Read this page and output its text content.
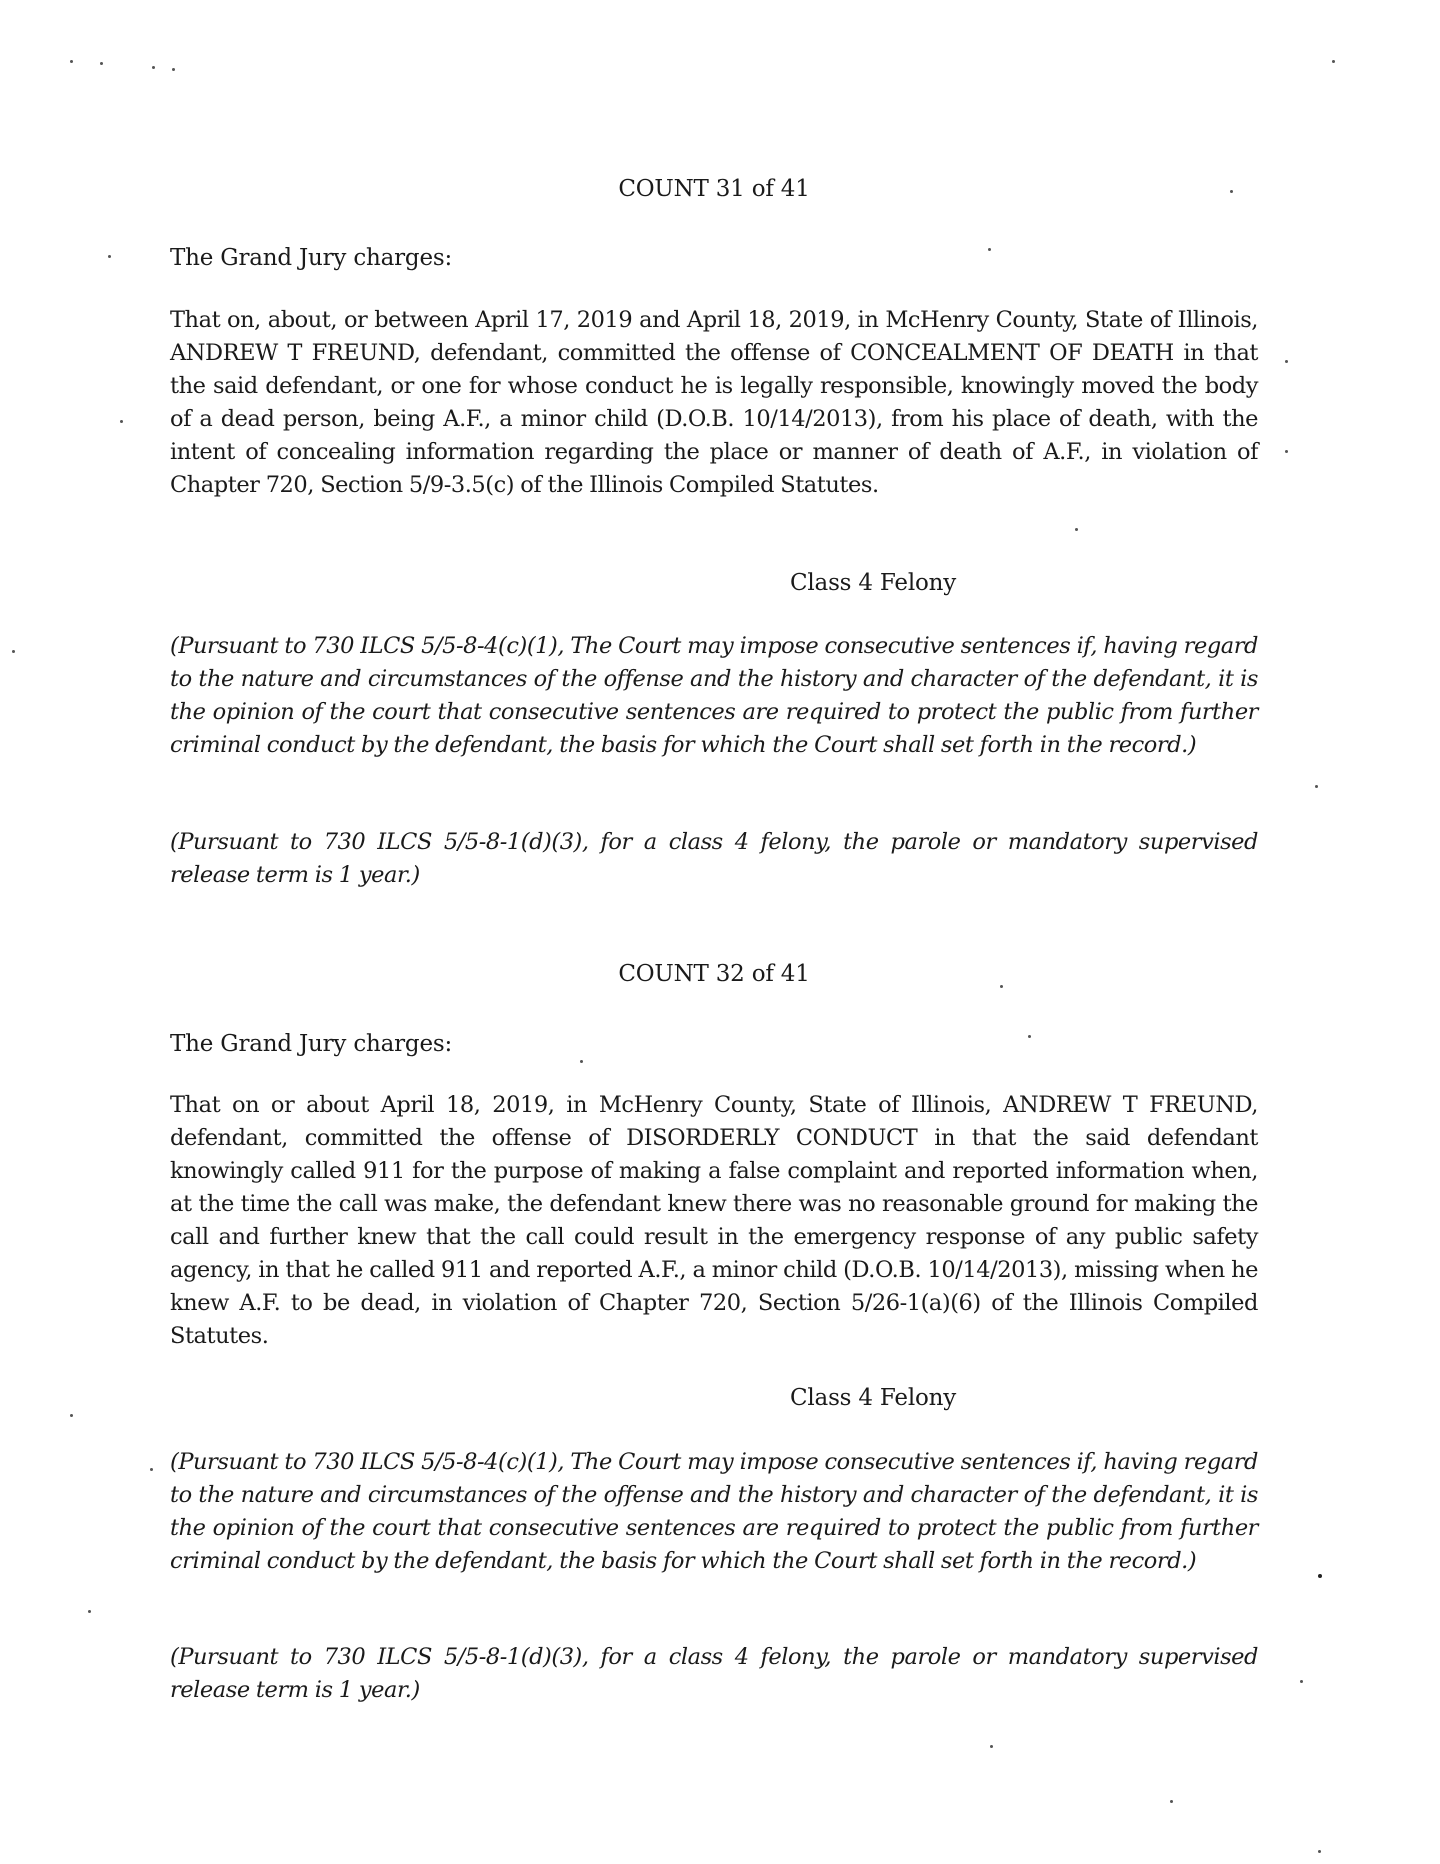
COUNT 31 of 41
The Grand Jury charges:

That on, about, or between April 17, 2019 and April 18, 2019, in McHenry County, State of Illinois, ANDREW T FREUND, defendant, committed the offense of CONCEALMENT OF DEATH in that the said defendant, or one for whose conduct he is legally responsible, knowingly moved the body of a dead person, being A.F., a minor child (D.O.B. 10/14/2013), from his place of death, with the intent of concealing information regarding the place or manner of death of A.F., in violation of Chapter 720, Section 5/9-3.5(c) of the Illinois Compiled Statutes.

Class 4 Felony

(Pursuant to 730 ILCS 5/5-8-4(c)(1), The Court may impose consecutive sentences if, having regard to the nature and circumstances of the offense and the history and character of the defendant, it is the opinion of the court that consecutive sentences are required to protect the public from further criminal conduct by the defendant, the basis for which the Court shall set forth in the record.)

(Pursuant to 730 ILCS 5/5-8-1(d)(3), for a class 4 felony, the parole or mandatory supervised release term is 1 year.)

COUNT 32 of 41
The Grand Jury charges:

That on or about April 18, 2019, in McHenry County, State of Illinois, ANDREW T FREUND, defendant, committed the offense of DISORDERLY CONDUCT in that the said defendant knowingly called 911 for the purpose of making a false complaint and reported information when, at the time the call was make, the defendant knew there was no reasonable ground for making the call and further knew that the call could result in the emergency response of any public safety agency, in that he called 911 and reported A.F., a minor child (D.O.B. 10/14/2013), missing when he knew A.F. to be dead, in violation of Chapter 720, Section 5/26-1(a)(6) of the Illinois Compiled Statutes.

Class 4 Felony

(Pursuant to 730 ILCS 5/5-8-4(c)(1), The Court may impose consecutive sentences if, having regard to the nature and circumstances of the offense and the history and character of the defendant, it is the opinion of the court that consecutive sentences are required to protect the public from further criminal conduct by the defendant, the basis for which the Court shall set forth in the record.)

(Pursuant to 730 ILCS 5/5-8-1(d)(3), for a class 4 felony, the parole or mandatory supervised release term is 1 year.)
